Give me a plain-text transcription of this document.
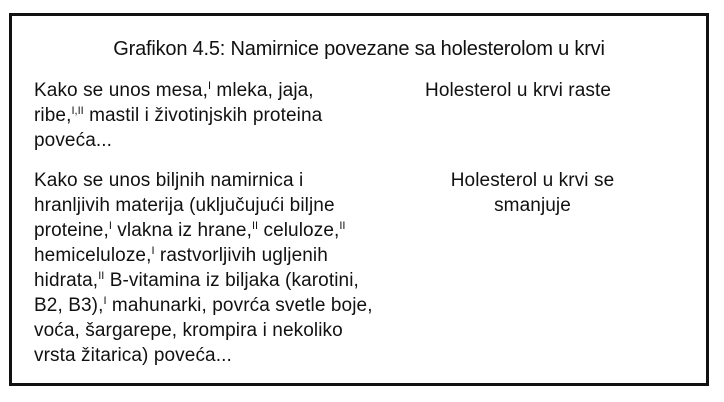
Grafikon 4.5: Namirnice povezane sa holesterolom u krvi
Kako se unos mesa,$^I$ mleka, jaja,
ribe,$^{I,II}$ mastil i životinjskih proteina
poveća...
Holesterol u krvi raste
Kako se unos biljnih namirnica i
hranljivih materija (uključujući biljne
proteine,$^I$ vlakna iz hrane,$^{II}$ celuloze,$^{II}$
hemiceluloze,$^I$ rastvorljivih ugljenih
hidrata,$^{II}$ B-vitamina iz biljaka (karotini,
B2, B3),$^I$ mahunarki, povrća svetle boje,
voća, šargarepe, krompira i nekoliko
vrsta žitarica) poveća...
Holesterol u krvi se
smanjuje
